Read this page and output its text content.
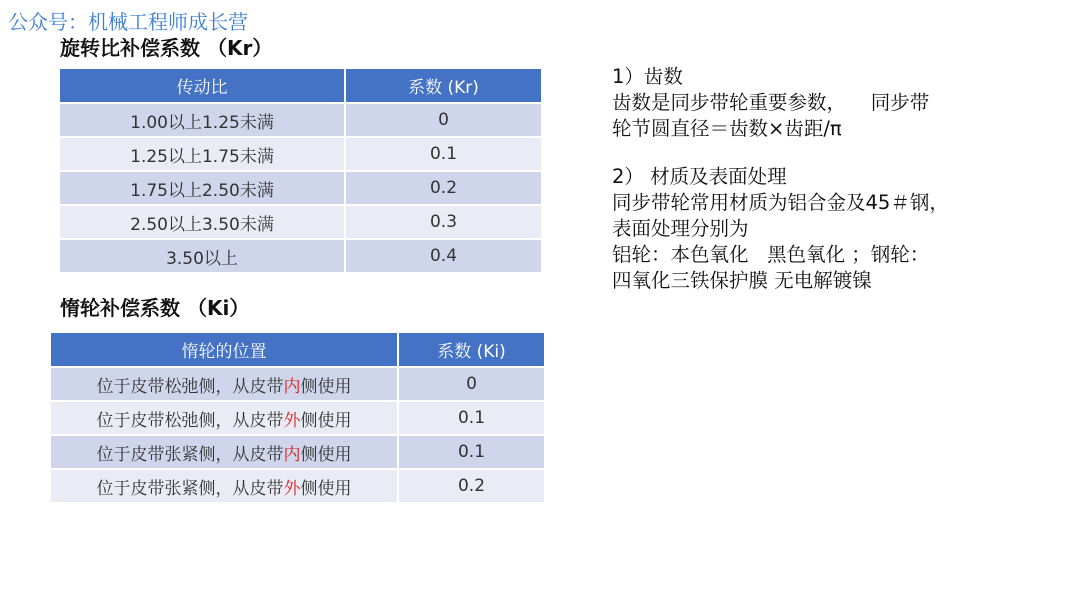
公众号：机械工程师成长营
旋转比补偿系数 （Kr）
传动比	系数 (Kr)
1.00以上1.25未满	0
1.25以上1.75未满	0.1
1.75以上2.50未满	0.2
2.50以上3.50未满	0.3
3.50以上	0.4
惰轮补偿系数 （Ki）
惰轮的位置	系数 (Ki)
位于皮带松弛侧，从皮带内侧使用	0
位于皮带松弛侧，从皮带外侧使用	0.1
位于皮带张紧侧，从皮带内侧使用	0.1
位于皮带张紧侧，从皮带外侧使用	0.2

1）齿数

齿数是同步带轮重要参数，    同步带

轮节圆直径＝齿数×齿距/π

2） 材质及表面处理

同步带轮常用材质为铝合金及45＃钢，

表面处理分别为

铝轮：本色氧化   黑色氧化 ；钢轮：

四氧化三铁保护膜 无电解镀镍
